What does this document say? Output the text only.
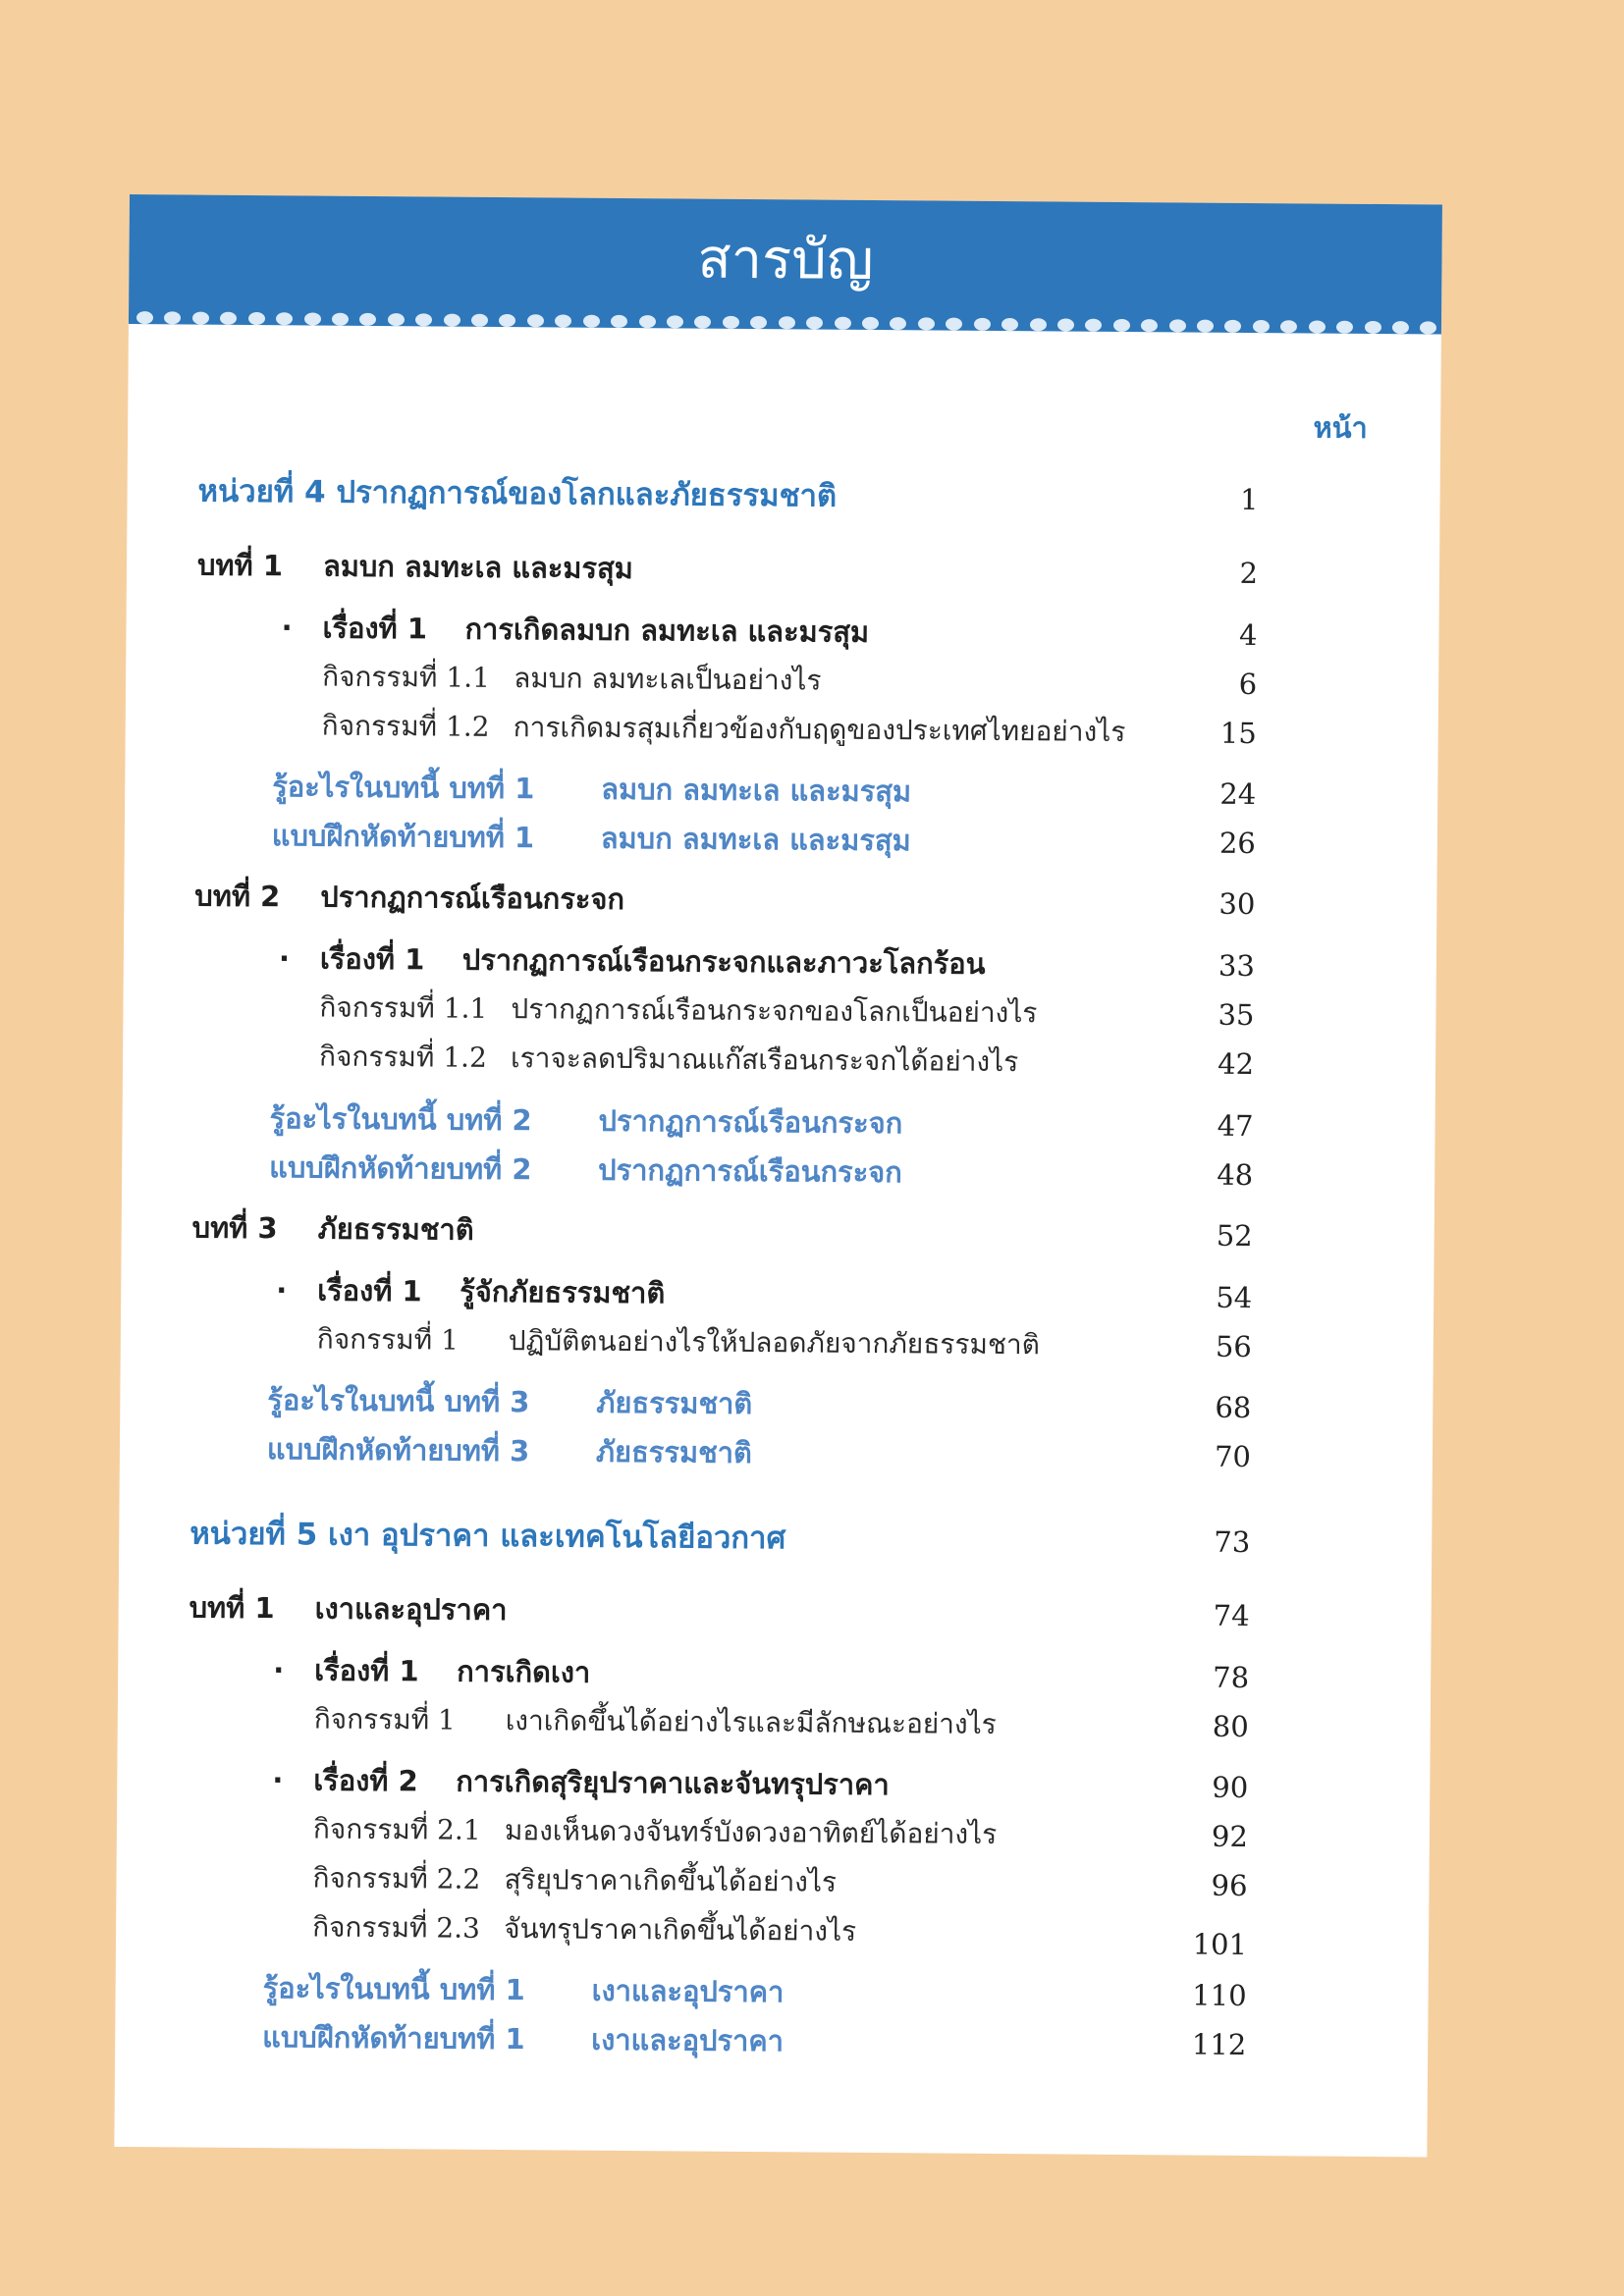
สารบัญ
หน้า
หน่วยที่ 4 ปรากฏการณ์ของโลกและภัยธรรมชาติ	1
บทที่ 1 ลมบก ลมทะเล และมรสุม	2
· เรื่องที่ 1 การเกิดลมบก ลมทะเล และมรสุม	4
กิจกรรมที่ 1.1 ลมบก ลมทะเลเป็นอย่างไร	6
กิจกรรมที่ 1.2 การเกิดมรสุมเกี่ยวข้องกับฤดูของประเทศไทยอย่างไร	15
รู้อะไรในบทนี้ บทที่ 1 ลมบก ลมทะเล และมรสุม	24
แบบฝึกหัดท้ายบทที่ 1 ลมบก ลมทะเล และมรสุม	26
บทที่ 2 ปรากฏการณ์เรือนกระจก	30
· เรื่องที่ 1 ปรากฏการณ์เรือนกระจกและภาวะโลกร้อน	33
กิจกรรมที่ 1.1 ปรากฏการณ์เรือนกระจกของโลกเป็นอย่างไร	35
กิจกรรมที่ 1.2 เราจะลดปริมาณแก๊สเรือนกระจกได้อย่างไร	42
รู้อะไรในบทนี้ บทที่ 2 ปรากฏการณ์เรือนกระจก	47
แบบฝึกหัดท้ายบทที่ 2 ปรากฏการณ์เรือนกระจก	48
บทที่ 3 ภัยธรรมชาติ	52
· เรื่องที่ 1 รู้จักภัยธรรมชาติ	54
กิจกรรมที่ 1 ปฏิบัติตนอย่างไรให้ปลอดภัยจากภัยธรรมชาติ	56
รู้อะไรในบทนี้ บทที่ 3 ภัยธรรมชาติ	68
แบบฝึกหัดท้ายบทที่ 3 ภัยธรรมชาติ	70
หน่วยที่ 5 เงา อุปราคา และเทคโนโลยีอวกาศ	73
บทที่ 1 เงาและอุปราคา	74
· เรื่องที่ 1 การเกิดเงา	78
กิจกรรมที่ 1 เงาเกิดขึ้นได้อย่างไรและมีลักษณะอย่างไร	80
· เรื่องที่ 2 การเกิดสุริยุปราคาและจันทรุปราคา	90
กิจกรรมที่ 2.1 มองเห็นดวงจันทร์บังดวงอาทิตย์ได้อย่างไร	92
กิจกรรมที่ 2.2 สุริยุปราคาเกิดขึ้นได้อย่างไร	96
กิจกรรมที่ 2.3 จันทรุปราคาเกิดขึ้นได้อย่างไร	101
รู้อะไรในบทนี้ บทที่ 1 เงาและอุปราคา	110
แบบฝึกหัดท้ายบทที่ 1 เงาและอุปราคา	112
